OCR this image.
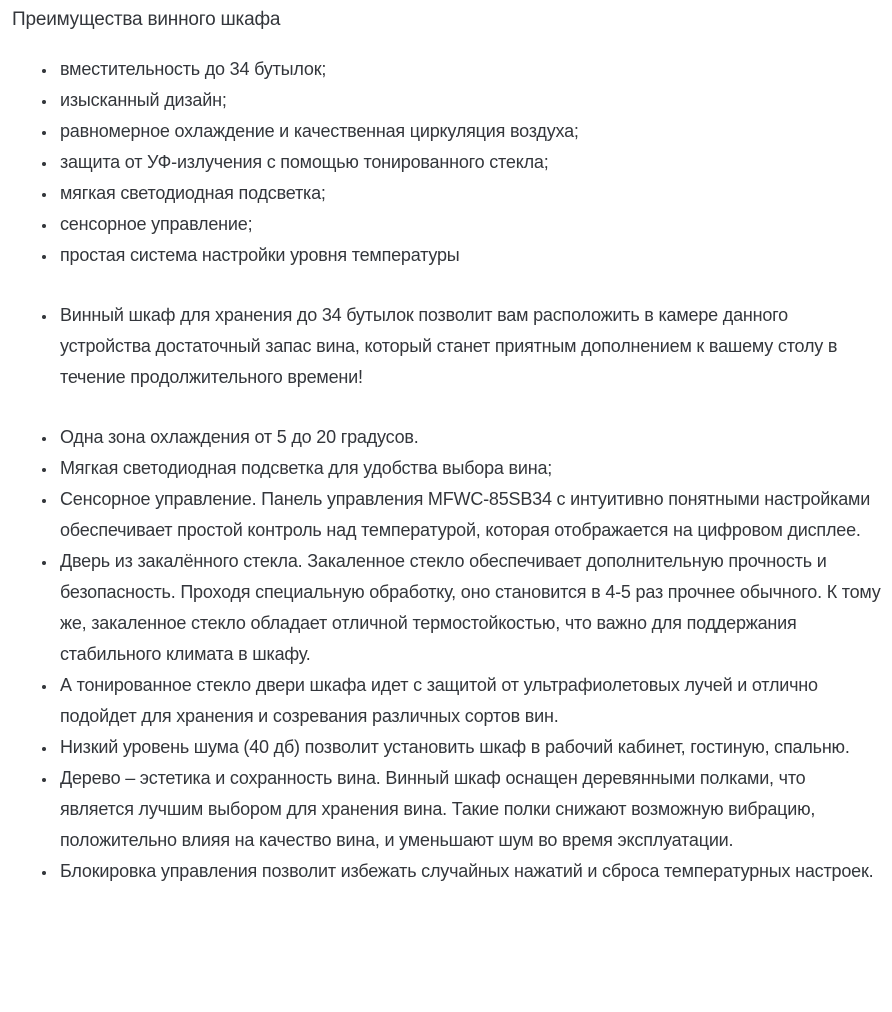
Преимущества винного шкафа
• вместительность до 34 бутылок;
• изысканный дизайн;
• равномерное охлаждение и качественная циркуляция воздуха;
• защита от УФ-излучения с помощью тонированного стекла;
• мягкая светодиодная подсветка;
• сенсорное управление;
• простая система настройки уровня температуры
• Винный шкаф для хранения до 34 бутылок позволит вам расположить в камере данного устройства достаточный запас вина, который станет приятным дополнением к вашему столу в течение продолжительного времени!
• Одна зона охлаждения от 5 до 20 градусов.
• Мягкая светодиодная подсветка для удобства выбора вина;
• Сенсорное управление. Панель управления MFWC-85SB34 с интуитивно понятными настройками обеспечивает простой контроль над температурой, которая отображается на цифровом дисплее.
• Дверь из закалённого стекла. Закаленное стекло обеспечивает дополнительную прочность и безопасность. Проходя специальную обработку, оно становится в 4-5 раз прочнее обычного. К тому же, закаленное стекло обладает отличной термостойкостью, что важно для поддержания стабильного климата в шкафу.
• А тонированное стекло двери шкафа идет с защитой от ультрафиолетовых лучей и отлично подойдет для хранения и созревания различных сортов вин.
• Низкий уровень шума (40 дб) позволит установить шкаф в рабочий кабинет, гостиную, спальню.
• Дерево – эстетика и сохранность вина. Винный шкаф оснащен деревянными полками, что является лучшим выбором для хранения вина. Такие полки снижают возможную вибрацию, положительно влияя на качество вина, и уменьшают шум во время эксплуатации.
• Блокировка управления позволит избежать случайных нажатий и сброса температурных настроек.
